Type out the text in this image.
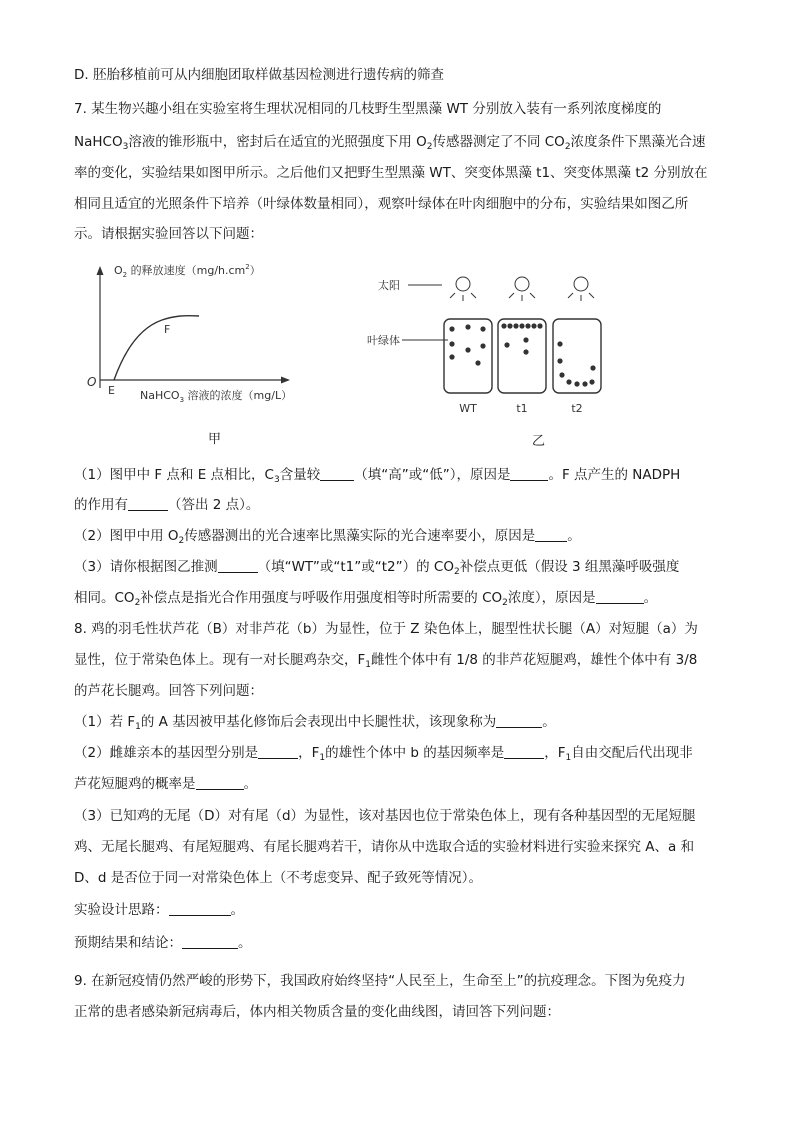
D. 胚胎移植前可从内细胞团取样做基因检测进行遗传病的筛查
7. 某生物兴趣小组在实验室将生理状况相同的几枝野生型黑藻 WT 分别放入装有一系列浓度梯度的
NaHCO$_3$溶液的锥形瓶中，密封后在适宜的光照强度下用 $O_2$传感器测定了不同 $CO_2$浓度条件下黑藻光合速
率的变化，实验结果如图甲所示。之后他们又把野生型黑藻 WT、突变体黑藻 t1、突变体黑藻 t2 分别放在
相同且适宜的光照条件下培养（叶绿体数量相同），观察叶绿体在叶肉细胞中的分布，实验结果如图乙所
示。请根据实验回答以下问题：
$O_2$ 的释放速度$(mg/h.cm^2)$
O
E
F
NaHCO$_3$ 溶液的浓度（mg/L）
甲
太阳
叶绿体
WT	t1	t2
乙
（1）图甲中 F 点和 E 点相比，$C_3$含量较	（填“高”或“低”），原因是	。F 点产生的 NADPH
的作用有	（答出 2 点）。
（2）图甲中用 $O_2$传感器测出的光合速率比黑藻实际的光合速率要小，原因是 。
（3）请你根据图乙推测	（填“WT”或“t1”或“t2”）的 $CO_2$补偿点更低（假设 3 组黑藻呼吸强度
相同。$CO_2$补偿点是指光合作用强度与呼吸作用强度相等时所需要的 $CO_2$浓度），原因是	。
8. 鸡的羽毛性状芦花（B）对非芦花（b）为显性，位于 Z 染色体上，腿型性状长腿（A）对短腿（a）为
显性，位于常染色体上。现有一对长腿鸡杂交，$F_1$雌性个体中有 1/8 的非芦花短腿鸡，雄性个体中有 3/8
的芦花长腿鸡。回答下列问题：
（1）若 $F_1$的 A 基因被甲基化修饰后会表现出中长腿性状，该现象称为	。
（2）雌雄亲本的基因型分别是	，$F_1$的雄性个体中 b 的基因频率是	，$F_1$自由交配后代出现非
芦花短腿鸡的概率是	。
（3）已知鸡的无尾（D）对有尾（d）为显性，该对基因也位于常染色体上，现有各种基因型的无尾短腿
鸡、无尾长腿鸡、有尾短腿鸡、有尾长腿鸡若干，请你从中选取合适的实验材料进行实验来探究 A、a 和
D、d 是否位于同一对常染色体上（不考虑变异、配子致死等情况）。
实验设计思路：	。
预期结果和结论：	。
9. 在新冠疫情仍然严峻的形势下，我国政府始终坚持“人民至上，生命至上”的抗疫理念。下图为免疫力
正常的患者感染新冠病毒后，体内相关物质含量的变化曲线图，请回答下列问题：
